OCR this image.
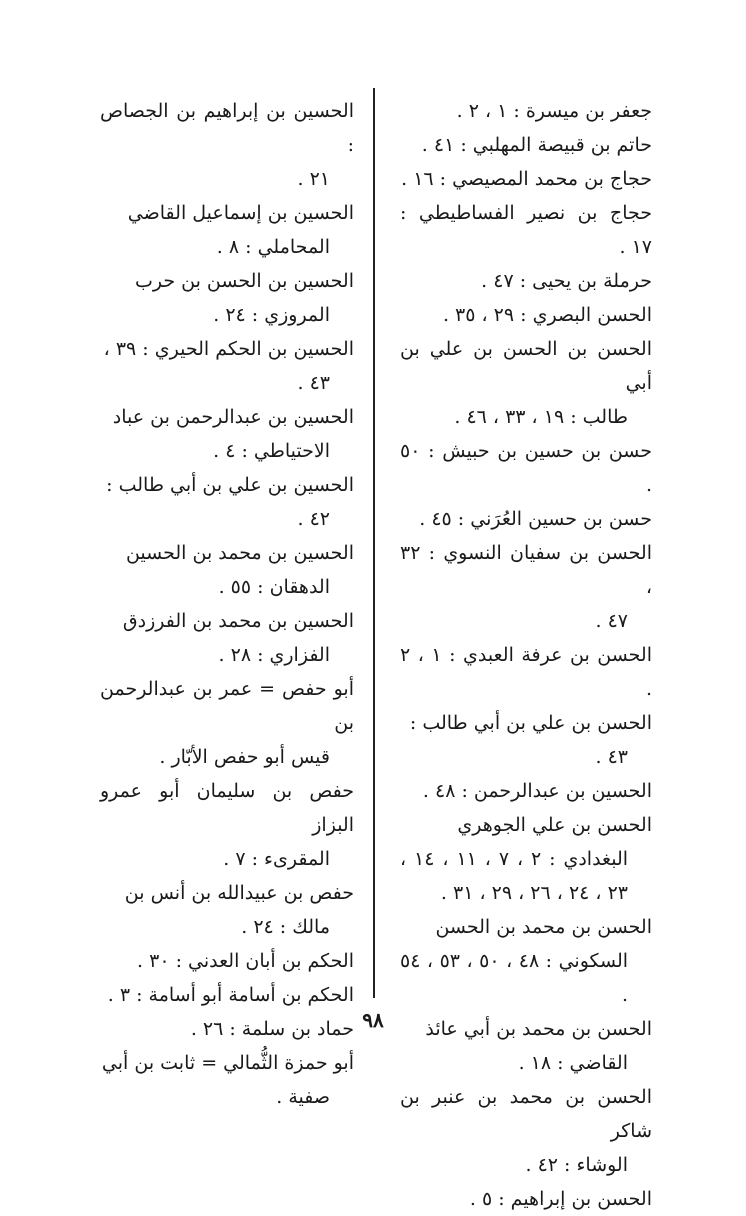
جعفر بن ميسرة : ١ ، ٢ .
حاتم بن قبيصة المهلبي : ٤١ .
حجاج بن محمد المصيصي : ١٦ .
حجاج بن نصير الفساطيطي : ١٧ .
حرملة بن يحيى : ٤٧ .
الحسن البصري : ٢٩ ، ٣٥ .
الحسن بن الحسن بن علي بن أبي
طالب : ١٩ ، ٣٣ ، ٤٦ .
حسن بن حسين بن حبيش : ٥٠ .
حسن بن حسين العُرَني : ٤٥ .
الحسن بن سفيان النسوي : ٣٢ ،
٤٧ .
الحسن بن عرفة العبدي : ١ ، ٢ .
الحسن بن علي بن أبي طالب :
٤٣ .
الحسين بن عبدالرحمن : ٤٨ .
الحسن بن علي الجوهري
البغدادي : ٢ ، ٧ ، ١١ ، ١٤ ، ٢٣ ، ٢٤ ، ٢٦ ، ٢٩ ، ٣١ .
الحسن بن محمد بن الحسن
السكوني : ٤٨ ، ٥٠ ، ٥٣ ، ٥٤ .
الحسن بن محمد بن أبي عائذ
القاضي : ١٨ .
الحسن بن محمد بن عنبر بن شاكر
الوشاء : ٤٢ .
الحسن بن إبراهيم : ٥ .
الحسين بن إبراهيم بن الجصاص :
٢١ .
الحسين بن إسماعيل القاضي
المحاملي : ٨ .
الحسين بن الحسن بن حرب
المروزي : ٢٤ .
الحسين بن الحكم الحيري : ٣٩ ،
٤٣ .
الحسين بن عبدالرحمن بن عباد
الاحتياطي : ٤ .
الحسين بن علي بن أبي طالب :
٤٢ .
الحسين بن محمد بن الحسين
الدهقان : ٥٥ .
الحسين بن محمد بن الفرزدق
الفزاري : ٢٨ .
أبو حفص = عمر بن عبدالرحمن بن
قيس أبو حفص الأبّار .
حفص بن سليمان أبو عمرو البزاز
المقرىء : ٧ .
حفص بن عبيدالله بن أنس بن
مالك : ٢٤ .
الحكم بن أبان العدني : ٣٠ .
الحكم بن أسامة أبو أسامة : ٣ .
حماد بن سلمة : ٢٦ .
أبو حمزة الثُّمالي = ثابت بن أبي
صفية .
٩٨
